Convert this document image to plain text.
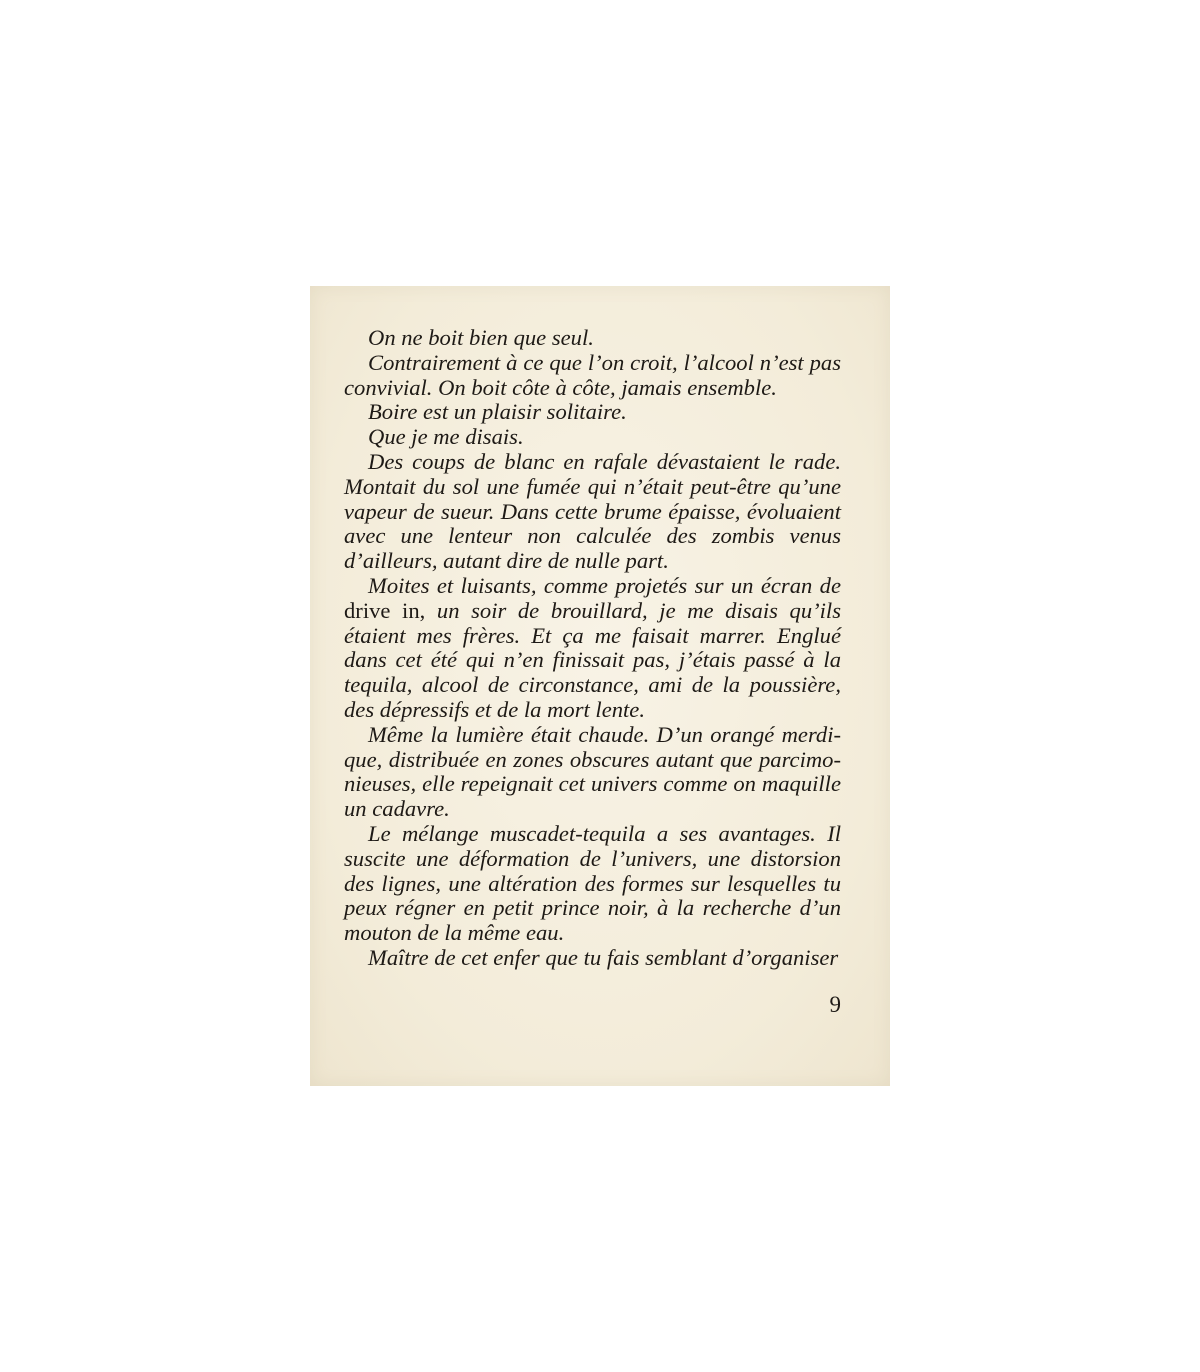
On ne boit bien que seul.

Contrairement à ce que l’on croit, l’alcool n’est pas convivial. On boit côte à côte, jamais ensemble.

Boire est un plaisir solitaire.

Que je me disais.

Des coups de blanc en rafale dévastaient le rade. Montait du sol une fumée qui n’était peut-être qu’une vapeur de sueur. Dans cette brume épaisse, évoluaient avec une lenteur non calculée des zombis venus d’ailleurs, autant dire de nulle part.

Moites et luisants, comme projetés sur un écran de drive in, un soir de brouillard, je me disais qu’ils étaient mes frères. Et ça me faisait marrer. Englué dans cet été qui n’en finissait pas, j’étais passé à la tequila, alcool de circonstance, ami de la poussière, des dépressifs et de la mort lente.

Même la lumière était chaude. D’un orangé merdi-que, distribuée en zones obscures autant que parcimo-nieuses, elle repeignait cet univers comme on maquille un cadavre.

Le mélange muscadet-tequila a ses avantages. Il suscite une déformation de l’univers, une distorsion des lignes, une altération des formes sur lesquelles tu peux régner en petit prince noir, à la recherche d’un mouton de la même eau.

Maître de cet enfer que tu fais semblant d’organiser

9
